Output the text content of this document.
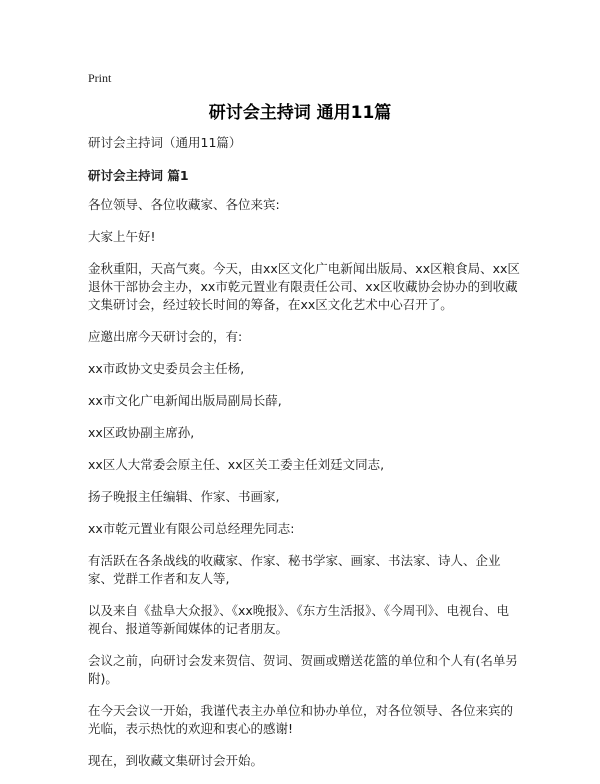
Print
研讨会主持词 通用11篇

研讨会主持词（通用11篇）

研讨会主持词 篇1

各位领导、各位收藏家、各位来宾:

大家上午好!

金秋重阳，天高气爽。今天，由xx区文化广电新闻出版局、xx区粮食局、xx区退休干部协会主办，xx市乾元置业有限责任公司、xx区收藏协会协办的到收藏文集研讨会，经过较长时间的筹备，在xx区文化艺术中心召开了。

应邀出席今天研讨会的，有:

xx市政协文史委员会主任杨,

xx市文化广电新闻出版局副局长薛,

xx区政协副主席孙,

xx区人大常委会原主任、xx区关工委主任刘廷文同志,

扬子晚报主任编辑、作家、书画家,

xx市乾元置业有限公司总经理先同志:

有活跃在各条战线的收藏家、作家、秘书学家、画家、书法家、诗人、企业家、党群工作者和友人等,

以及来自《盐阜大众报》、《xx晚报》、《东方生活报》、《今周刊》、电视台、电视台、报道等新闻媒体的记者朋友。

会议之前，向研讨会发来贺信、贺词、贺画或赠送花篮的单位和个人有(名单另附)。

在今天会议一开始，我谨代表主办单位和协办单位，对各位领导、各位来宾的光临，表示热忱的欢迎和衷心的感谢!

现在，到收藏文集研讨会开始。
